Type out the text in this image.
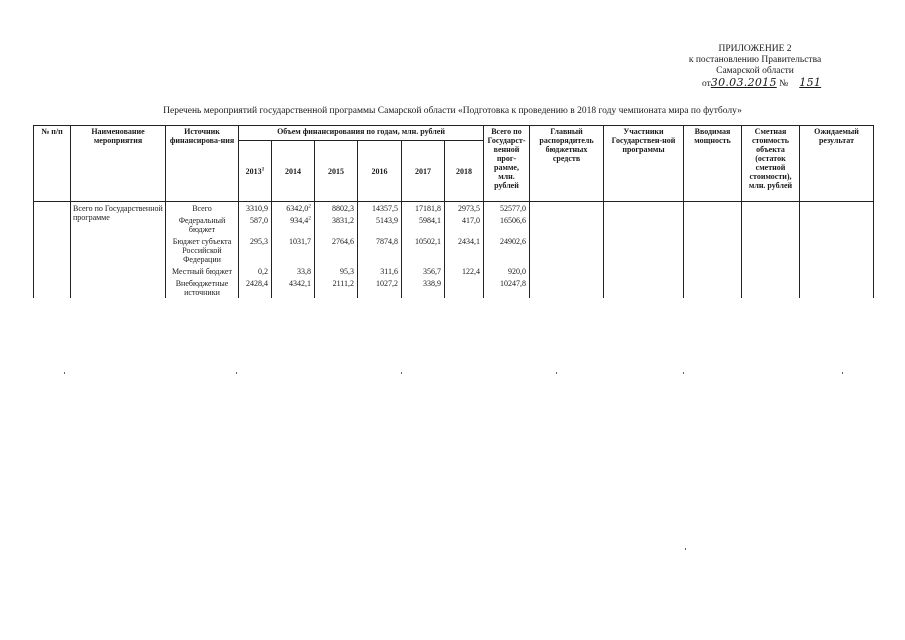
ПРИЛОЖЕНИЕ 2
к постановлению Правительства
Самарской области
от30.03.2015 № 151
Перечень мероприятий государственной программы Самарской области «Подготовка к проведению в 2018 году чемпионата мира по футболу»
№ п/п	Наименование мероприятия	Источник финансирова-ния	Объем финансирования по годам, млн. рублей						Всего по Государст-венной прог-рамме, млн. рублей	Главный распорядитель бюджетных средств	Участники Государствен-ной программы	Вводимая мощность	Сметная стоимость объекта (остаток сметной стоимости), млн. рублей	Ожидаемый результат
			2013$^1$	2014	2015	2016	2017	2018						
	Всего по Государственной программе	Всего	3310,9	6342,0$^2$	8802,3	14357,5	17181,8	2973,5	52577,0					
		Федеральный бюджет	587,0	934,4$^2$	3831,2	5143,9	5984,1	417,0	16506,6					
		Бюджет субъекта Российской Федерации	295,3	1031,7	2764,6	7874,8	10502,1	2434,1	24902,6					
		Местный бюджет	0,2	33,8	95,3	311,6	356,7	122,4	920,0					
		Внебюджетные источники	2428,4	4342,1	2111,2	1027,2	338,9		10247,8					
